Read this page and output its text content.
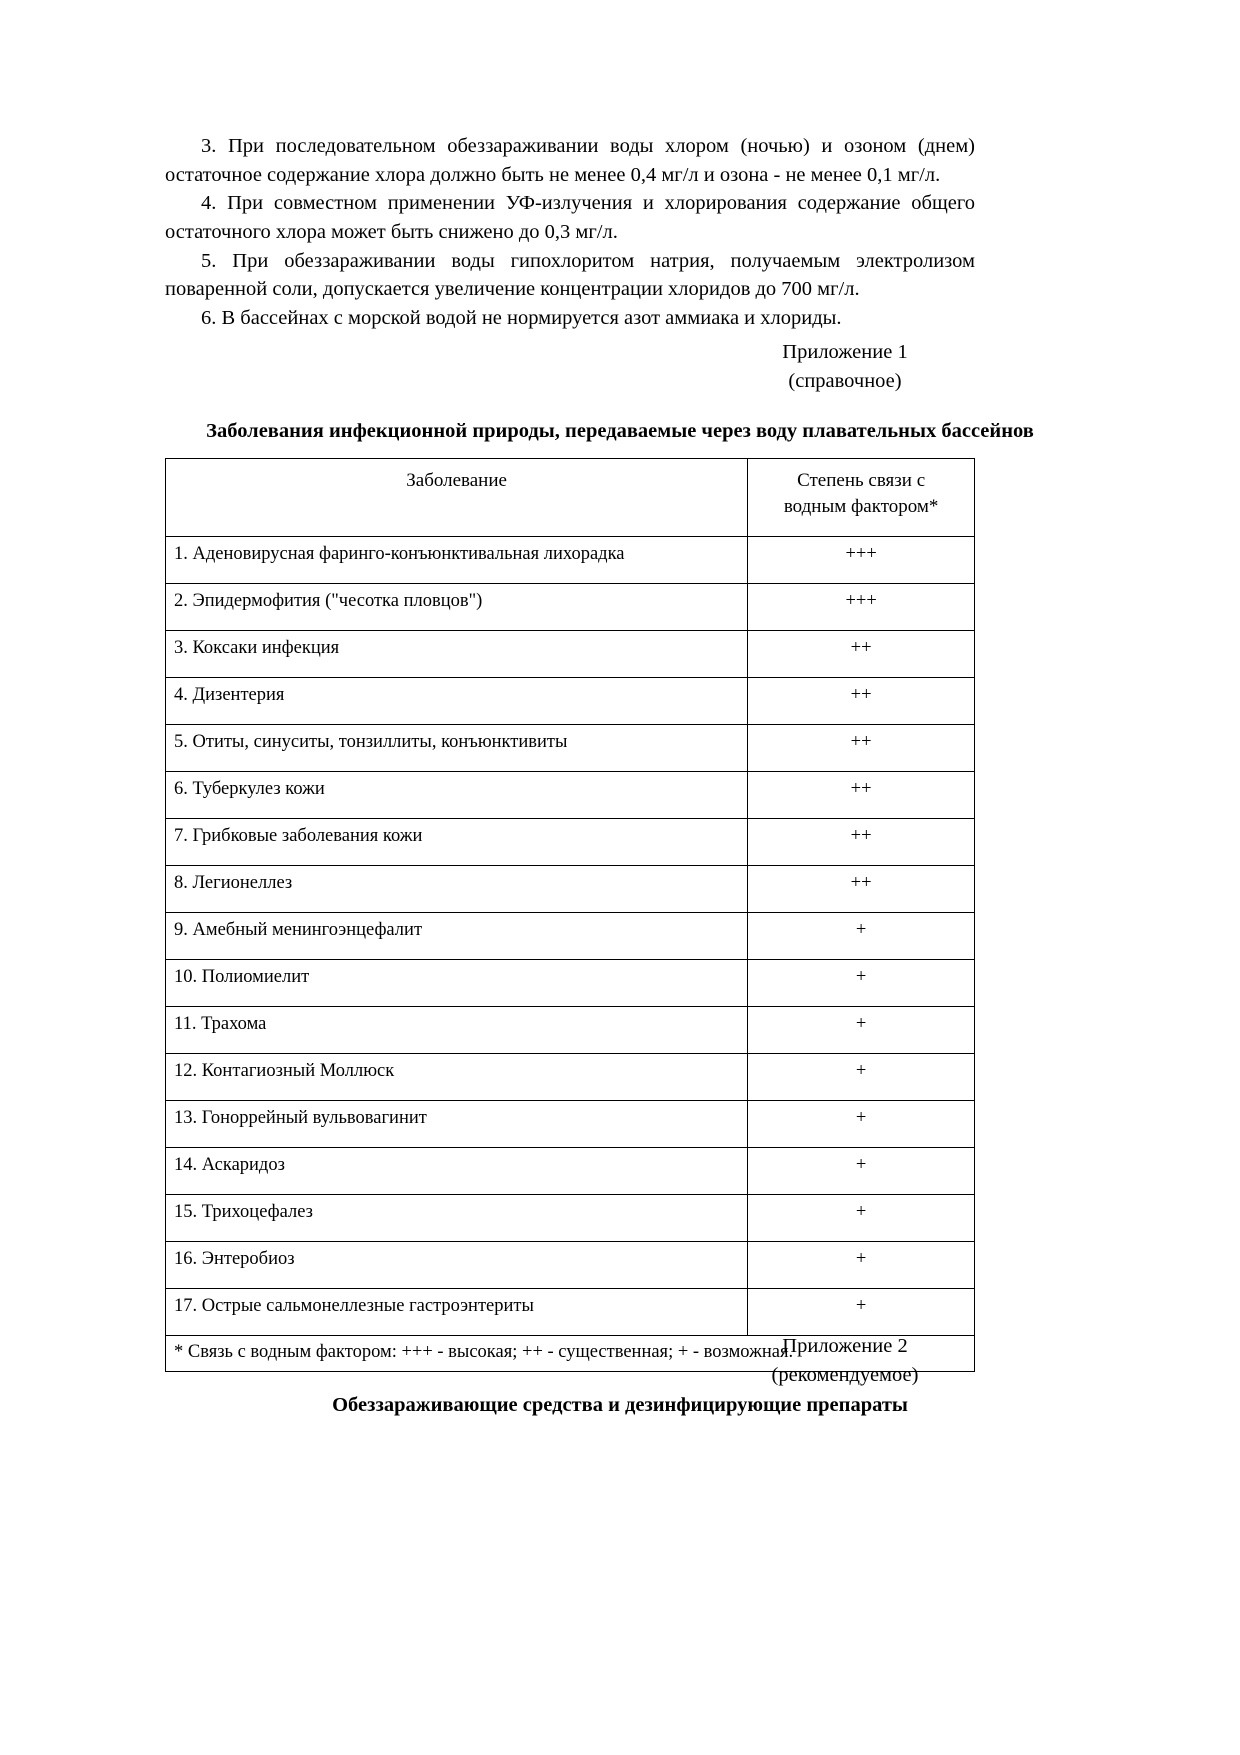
3. При последовательном обеззараживании воды хлором (ночью) и озоном (днем) остаточное содержание хлора должно быть не менее 0,4 мг/л и озона - не менее 0,1 мг/л.

4. При совместном применении УФ-излучения и хлорирования содержание общего остаточного хлора может быть снижено до 0,3 мг/л.

5. При обеззараживании воды гипохлоритом натрия, получаемым электролизом поваренной соли, допускается увеличение концентрации хлоридов до 700 мг/л.

6. В бассейнах с морской водой не нормируется азот аммиака и хлориды.

Приложение 1
(справочное)
Заболевания инфекционной природы, передаваемые через воду плавательных бассейнов
Заболевание	Степень связи с
водным фактором*

1. Аденовирусная фаринго-конъюнктивальная лихорадка	+++
2. Эпидермофития ("чесотка пловцов")	+++
3. Коксаки инфекция	++
4. Дизентерия	++
5. Отиты, синуситы, тонзиллиты, конъюнктивиты	++
6. Туберкулез кожи	++
7. Грибковые заболевания кожи	++
8. Легионеллез	++
9. Амебный менингоэнцефалит	+
10. Полиомиелит	+
11. Трахома	+
12. Контагиозный Моллюск	+
13. Гоноррейный вульвовагинит	+
14. Аскаридоз	+
15. Трихоцефалез	+
16. Энтеробиоз	+
17. Острые сальмонеллезные гастроэнтериты	+
* Связь с водным фактором: +++ - высокая; ++ - существенная; + - возможная.	
Приложение 2
(рекомендуемое)
Обеззараживающие средства и дезинфицирующие препараты
